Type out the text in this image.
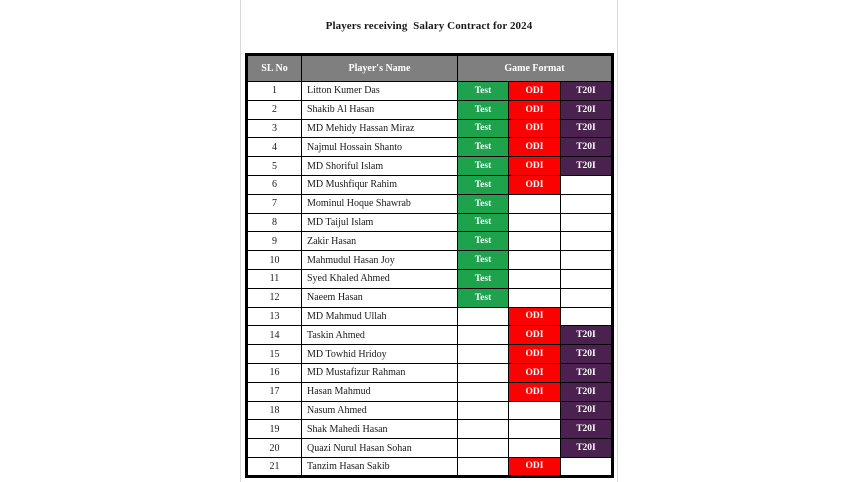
Players receiving  Salary Contract for 2024
SL No	Player's Name	Game Format		
1	Litton Kumer Das	Test	ODI	T20I
2	Shakib Al Hasan	Test	ODI	T20I
3	MD Mehidy Hassan Miraz	Test	ODI	T20I
4	Najmul Hossain Shanto	Test	ODI	T20I
5	MD Shoriful Islam	Test	ODI	T20I
6	MD Mushfiqur Rahim	Test	ODI	
7	Mominul Hoque Shawrab	Test		
8	MD Taijul Islam	Test		
9	Zakir Hasan	Test		
10	Mahmudul Hasan Joy	Test		
11	Syed Khaled Ahmed	Test		
12	Naeem Hasan	Test		
13	MD Mahmud Ullah		ODI	
14	Taskin Ahmed		ODI	T20I
15	MD Towhid Hridoy		ODI	T20I
16	MD Mustafizur Rahman		ODI	T20I
17	Hasan Mahmud		ODI	T20I
18	Nasum Ahmed			T20I
19	Shak Mahedi Hasan			T20I
20	Quazi Nurul Hasan Sohan			T20I
21	Tanzim Hasan Sakib		ODI	
